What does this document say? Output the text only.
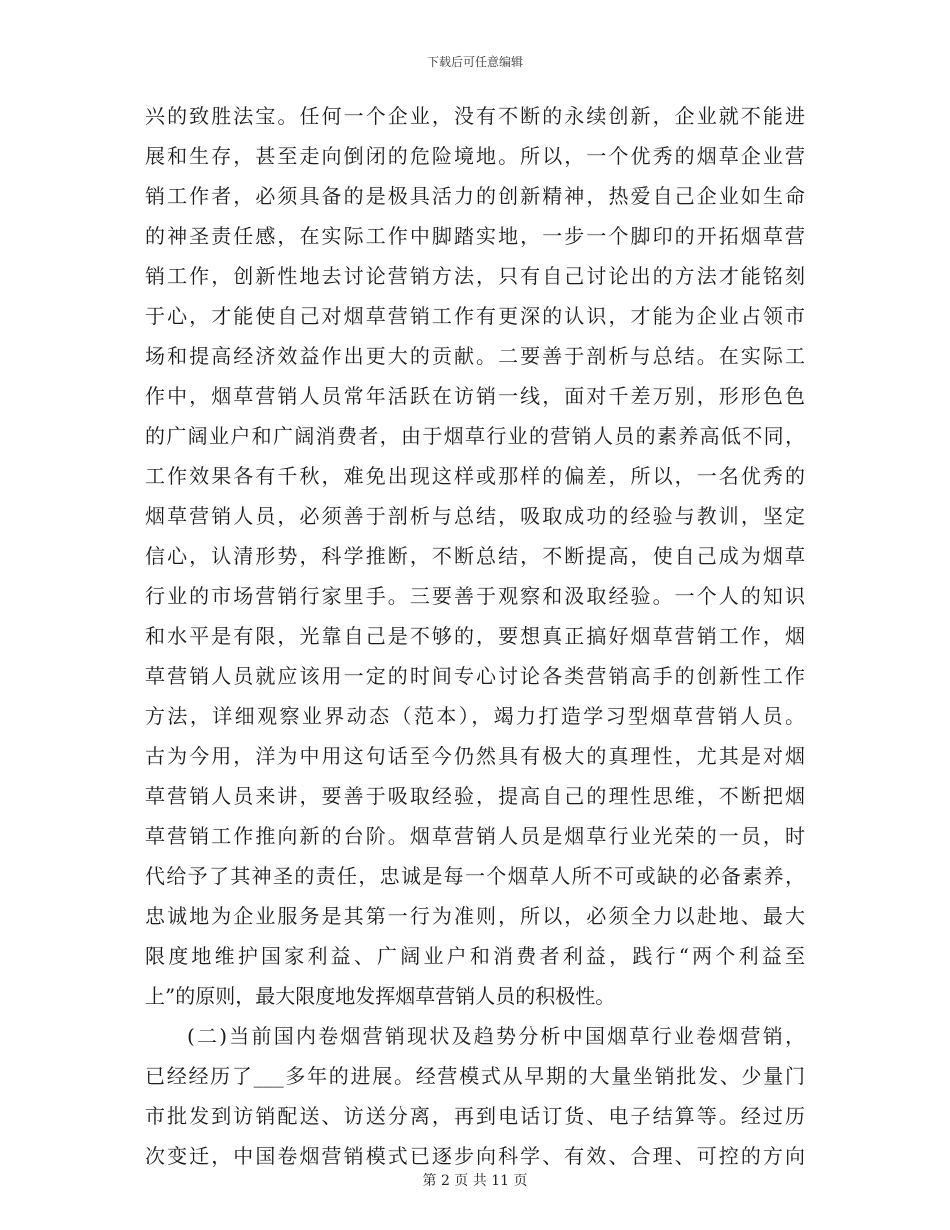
下载后可任意编辑
兴的致胜法宝。任何一个企业，没有不断的永续创新，企业就不能进
展和生存，甚至走向倒闭的危险境地。所以，一个优秀的烟草企业营
销工作者，必须具备的是极具活力的创新精神，热爱自己企业如生命
的神圣责任感，在实际工作中脚踏实地，一步一个脚印的开拓烟草营
销工作，创新性地去讨论营销方法，只有自己讨论出的方法才能铭刻
于心，才能使自己对烟草营销工作有更深的认识，才能为企业占领市
场和提高经济效益作出更大的贡献。二要善于剖析与总结。在实际工
作中，烟草营销人员常年活跃在访销一线，面对千差万别，形形色色
的广阔业户和广阔消费者，由于烟草行业的营销人员的素养高低不同，
工作效果各有千秋，难免出现这样或那样的偏差，所以，一名优秀的
烟草营销人员，必须善于剖析与总结，吸取成功的经验与教训，坚定
信心，认清形势，科学推断，不断总结，不断提高，使自己成为烟草
行业的市场营销行家里手。三要善于观察和汲取经验。一个人的知识
和水平是有限，光靠自己是不够的，要想真正搞好烟草营销工作，烟
草营销人员就应该用一定的时间专心讨论各类营销高手的创新性工作
方法，详细观察业界动态（范本），竭力打造学习型烟草营销人员。
古为今用，洋为中用这句话至今仍然具有极大的真理性，尤其是对烟
草营销人员来讲，要善于吸取经验，提高自己的理性思维，不断把烟
草营销工作推向新的台阶。烟草营销人员是烟草行业光荣的一员，时
代给予了其神圣的责任，忠诚是每一个烟草人所不可或缺的必备素养，
忠诚地为企业服务是其第一行为准则，所以，必须全力以赴地、最大
限度地维护国家利益、广阔业户和消费者利益，践行“两个利益至
上”的原则，最大限度地发挥烟草营销人员的积极性。
(二)当前国内卷烟营销现状及趋势分析中国烟草行业卷烟营销，
已经经历了___多年的进展。经营模式从早期的大量坐销批发、少量门
市批发到访销配送、访送分离，再到电话订货、电子结算等。经过历
次变迁，中国卷烟营销模式已逐步向科学、有效、合理、可控的方向
第 2 页 共 11 页
